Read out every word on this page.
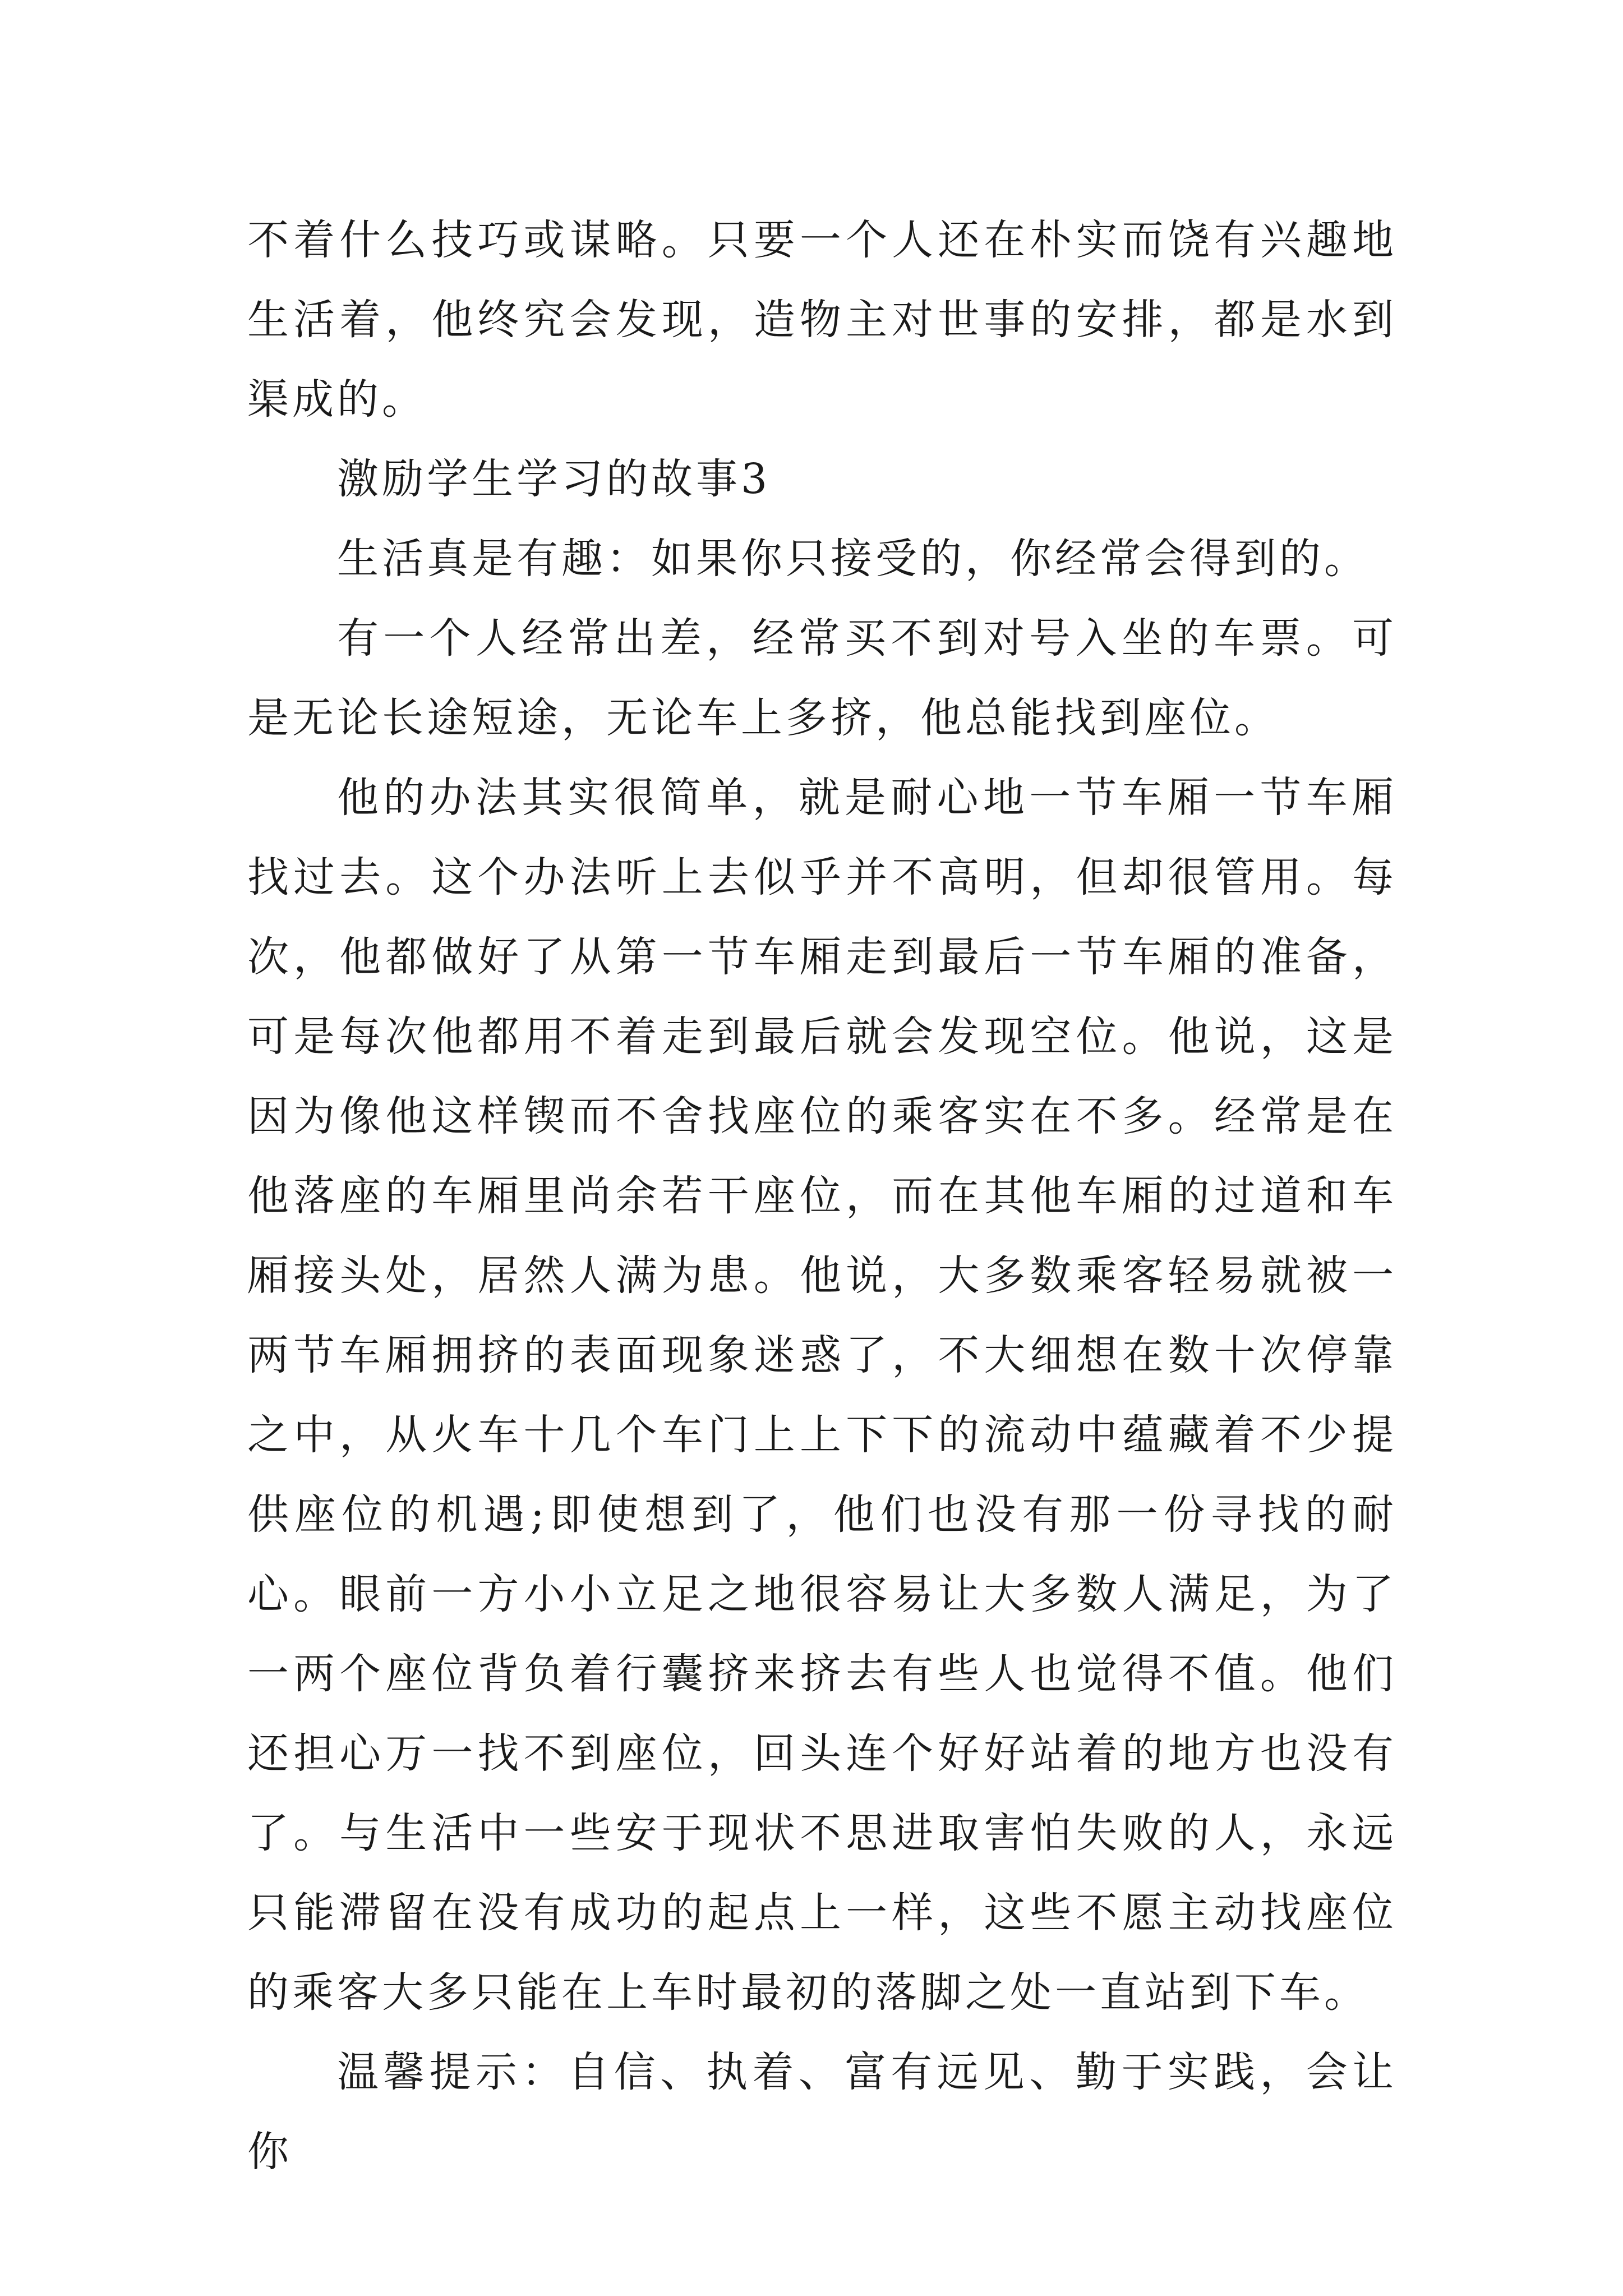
不着什么技巧或谋略。只要一个人还在朴实而饶有兴趣地生活着，他终究会发现，造物主对世事的安排，都是水到渠成的。

激励学生学习的故事3

生活真是有趣：如果你只接受的，你经常会得到的。

有一个人经常出差，经常买不到对号入坐的车票。可是无论长途短途，无论车上多挤，他总能找到座位。

他的办法其实很简单，就是耐心地一节车厢一节车厢找过去。这个办法听上去似乎并不高明，但却很管用。每次，他都做好了从第一节车厢走到最后一节车厢的准备，可是每次他都用不着走到最后就会发现空位。他说，这是因为像他这样锲而不舍找座位的乘客实在不多。经常是在他落座的车厢里尚余若干座位，而在其他车厢的过道和车厢接头处，居然人满为患。他说，大多数乘客轻易就被一两节车厢拥挤的表面现象迷惑了，不大细想在数十次停靠之中，从火车十几个车门上上下下的流动中蕴藏着不少提供座位的机遇;即使想到了，他们也没有那一份寻找的耐心。眼前一方小小立足之地很容易让大多数人满足，为了一两个座位背负着行囊挤来挤去有些人也觉得不值。他们还担心万一找不到座位，回头连个好好站着的地方也没有了。与生活中一些安于现状不思进取害怕失败的人，永远只能滞留在没有成功的起点上一样，这些不愿主动找座位的乘客大多只能在上车时最初的落脚之处一直站到下车。

温馨提示：自信、执着、富有远见、勤于实践，会让你
